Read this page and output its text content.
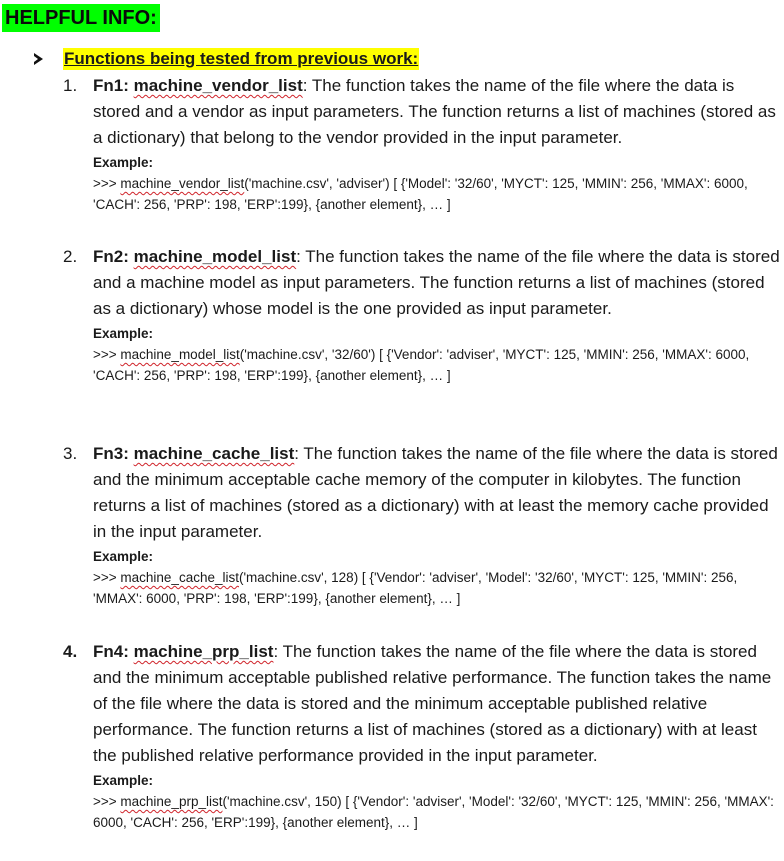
HELPFUL INFO:
Functions being tested from previous work:
1. Fn1: machine_vendor_list: The function takes the name of the file where the data is stored and a vendor as input parameters. The function returns a list of machines (stored as a dictionary) that belong to the vendor provided in the input parameter.
Example:
>>> machine_vendor_list('machine.csv', 'adviser') [ {'Model': '32/60', 'MYCT': 125, 'MMIN': 256, 'MMAX': 6000, 'CACH': 256, 'PRP': 198, 'ERP':199}, {another element}, … ]
2. Fn2: machine_model_list: The function takes the name of the file where the data is stored and a machine model as input parameters. The function returns a list of machines (stored as a dictionary) whose model is the one provided as input parameter.
Example:
>>> machine_model_list('machine.csv', '32/60') [ {'Vendor': 'adviser', 'MYCT': 125, 'MMIN': 256, 'MMAX': 6000, 'CACH': 256, 'PRP': 198, 'ERP':199}, {another element}, … ]
3. Fn3: machine_cache_list: The function takes the name of the file where the data is stored and the minimum acceptable cache memory of the computer in kilobytes. The function returns a list of machines (stored as a dictionary) with at least the memory cache provided in the input parameter.
Example:
>>> machine_cache_list('machine.csv', 128) [ {'Vendor': 'adviser', 'Model': '32/60', 'MYCT': 125, 'MMIN': 256, 'MMAX': 6000, 'PRP': 198, 'ERP':199}, {another element}, … ]
4. Fn4: machine_prp_list: The function takes the name of the file where the data is stored and the minimum acceptable published relative performance. The function takes the name of the file where the data is stored and the minimum acceptable published relative performance. The function returns a list of machines (stored as a dictionary) with at least the published relative performance provided in the input parameter.
Example:
>>> machine_prp_list('machine.csv', 150) [ {'Vendor': 'adviser', 'Model': '32/60', 'MYCT': 125, 'MMIN': 256, 'MMAX': 6000, 'CACH': 256, 'ERP':199}, {another element}, … ]
